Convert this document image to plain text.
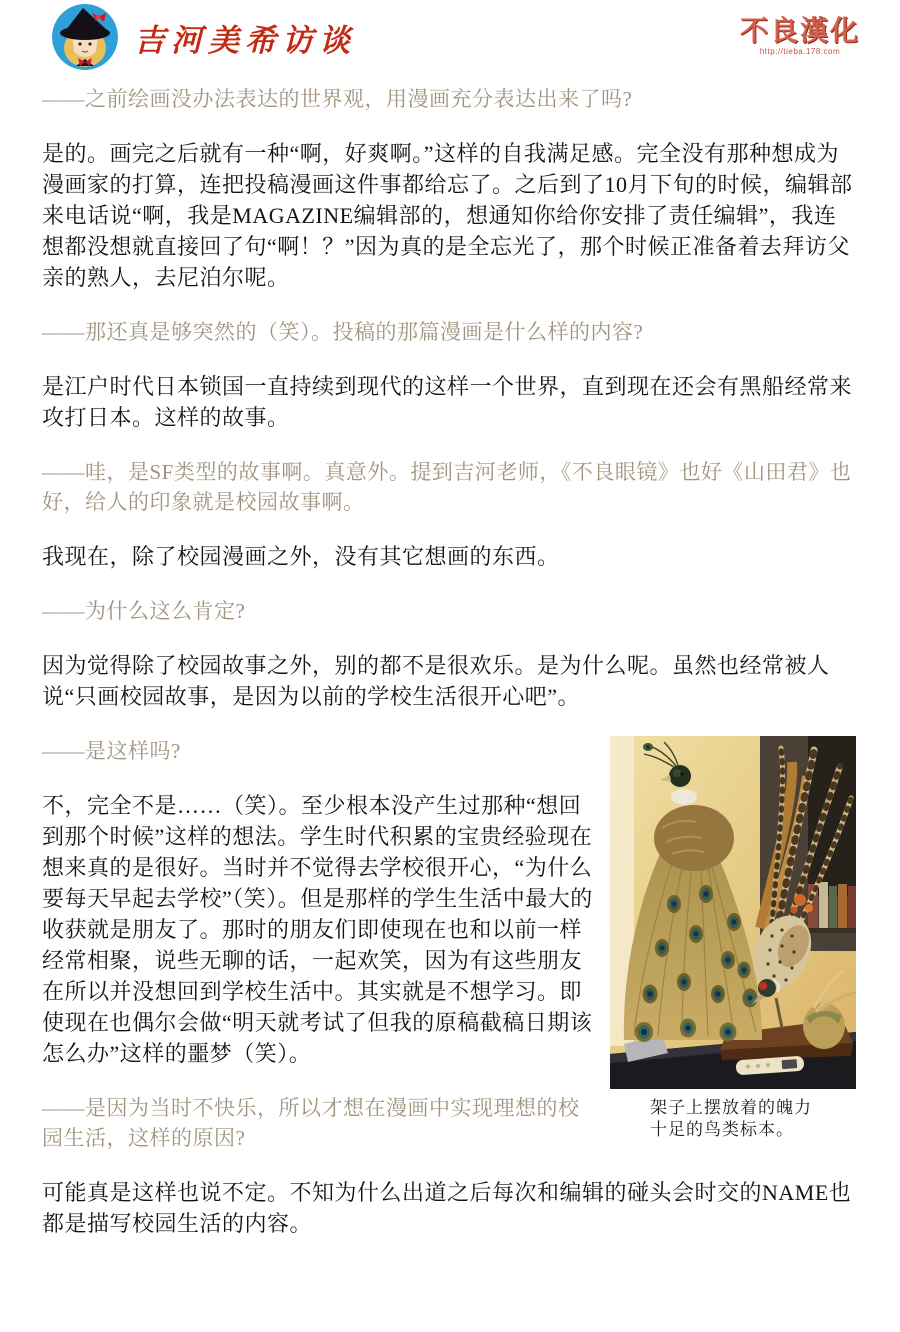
吉河美希访谈	不良漢化
http://tieba.178.com

——之前绘画没办法表达的世界观，用漫画充分表达出来了吗?

是的。画完之后就有一种“啊，好爽啊。”这样的自我满足感。完全没有那种想成为漫画家的打算，连把投稿漫画这件事都给忘了。之后到了10月下旬的时候，编辑部来电话说“啊，我是MAGAZINE编辑部的，想通知你给你安排了责任编辑”，我连想都没想就直接回了句“啊！？”因为真的是全忘光了，那个时候正准备着去拜访父亲的熟人，去尼泊尔呢。

——那还真是够突然的（笑）。投稿的那篇漫画是什么样的内容?

是江户时代日本锁国一直持续到现代的这样一个世界，直到现在还会有黑船经常来攻打日本。这样的故事。

——哇，是SF类型的故事啊。真意外。提到吉河老师，《不良眼镜》也好《山田君》也好，给人的印象就是校园故事啊。

我现在，除了校园漫画之外，没有其它想画的东西。

——为什么这么肯定?

因为觉得除了校园故事之外，别的都不是很欢乐。是为什么呢。虽然也经常被人说“只画校园故事，是因为以前的学校生活很开心吧”。

架子上摆放着的魄力
十足的鸟类标本。

——是这样吗?

不，完全不是……（笑）。至少根本没产生过那种“想回到那个时候”这样的想法。学生时代积累的宝贵经验现在想来真的是很好。当时并不觉得去学校很开心，“为什么要每天早起去学校”（笑）。但是那样的学生生活中最大的收获就是朋友了。那时的朋友们即使现在也和以前一样经常相聚，说些无聊的话，一起欢笑，因为有这些朋友在所以并没想回到学校生活中。其实就是不想学习。即使现在也偶尔会做“明天就考试了但我的原稿截稿日期该怎么办”这样的噩梦（笑）。

——是因为当时不快乐，所以才想在漫画中实现理想的校园生活，这样的原因?

可能真是这样也说不定。不知为什么出道之后每次和编辑的碰头会时交的NAME也都是描写校园生活的内容。
